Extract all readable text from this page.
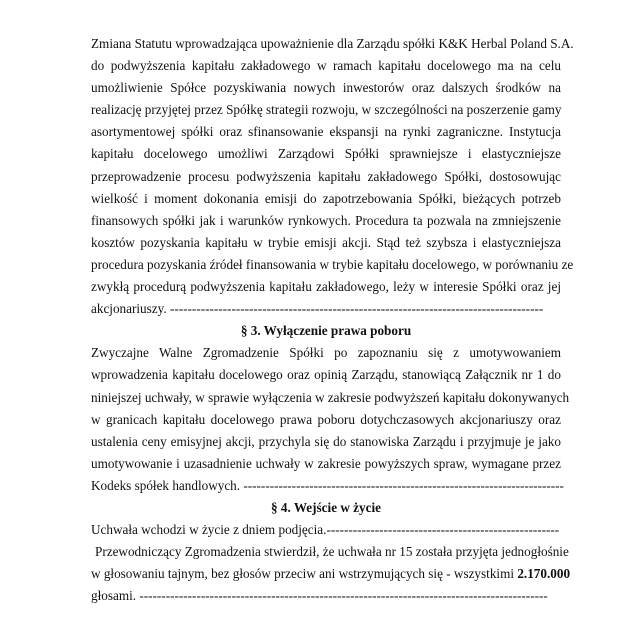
Zmiana Statutu wprowadzająca upoważnienie dla Zarządu spółki K&K Herbal Poland S.A.
do podwyższenia kapitału zakładowego w ramach kapitału docelowego ma na celu
umożliwienie Spółce pozyskiwania nowych inwestorów oraz dalszych środków na
realizację przyjętej przez Spółkę strategii rozwoju, w szczególności na poszerzenie gamy
asortymentowej spółki oraz sfinansowanie ekspansji na rynki zagraniczne. Instytucja
kapitału docelowego umożliwi Zarządowi Spółki sprawniejsze i elastyczniejsze
przeprowadzenie procesu podwyższenia kapitału zakładowego Spółki, dostosowując
wielkość i moment dokonania emisji do zapotrzebowania Spółki, bieżących potrzeb
finansowych spółki jak i warunków rynkowych. Procedura ta pozwala na zmniejszenie
kosztów pozyskania kapitału w trybie emisji akcji. Stąd też szybsza i elastyczniejsza
procedura pozyskania źródeł finansowania w trybie kapitału docelowego, w porównaniu ze
zwykłą procedurą podwyższenia kapitału zakładowego, leży w interesie Spółki oraz jej
akcjonariuszy. -------------------------------------------------------------------------------------
§ 3. Wyłączenie prawa poboru
Zwyczajne Walne Zgromadzenie Spółki po zapoznaniu się z umotywowaniem
wprowadzenia kapitału docelowego oraz opinią Zarządu, stanowiącą Załącznik nr 1 do
niniejszej uchwały, w sprawie wyłączenia w zakresie podwyższeń kapitału dokonywanych
w granicach kapitału docelowego prawa poboru dotychczasowych akcjonariuszy oraz
ustalenia ceny emisyjnej akcji, przychyla się do stanowiska Zarządu i przyjmuje je jako
umotywowanie i uzasadnienie uchwały w zakresie powyższych spraw, wymagane przez
Kodeks spółek handlowych. -------------------------------------------------------------------------
§ 4. Wejście w życie
Uchwała wchodzi w życie z dniem podjęcia.-----------------------------------------------------
Przewodniczący Zgromadzenia stwierdził, że uchwała nr 15 została przyjęta jednogłośnie
w głosowaniu tajnym, bez głosów przeciw ani wstrzymujących się - wszystkimi 2.170.000
głosami. ---------------------------------------------------------------------------------------------
